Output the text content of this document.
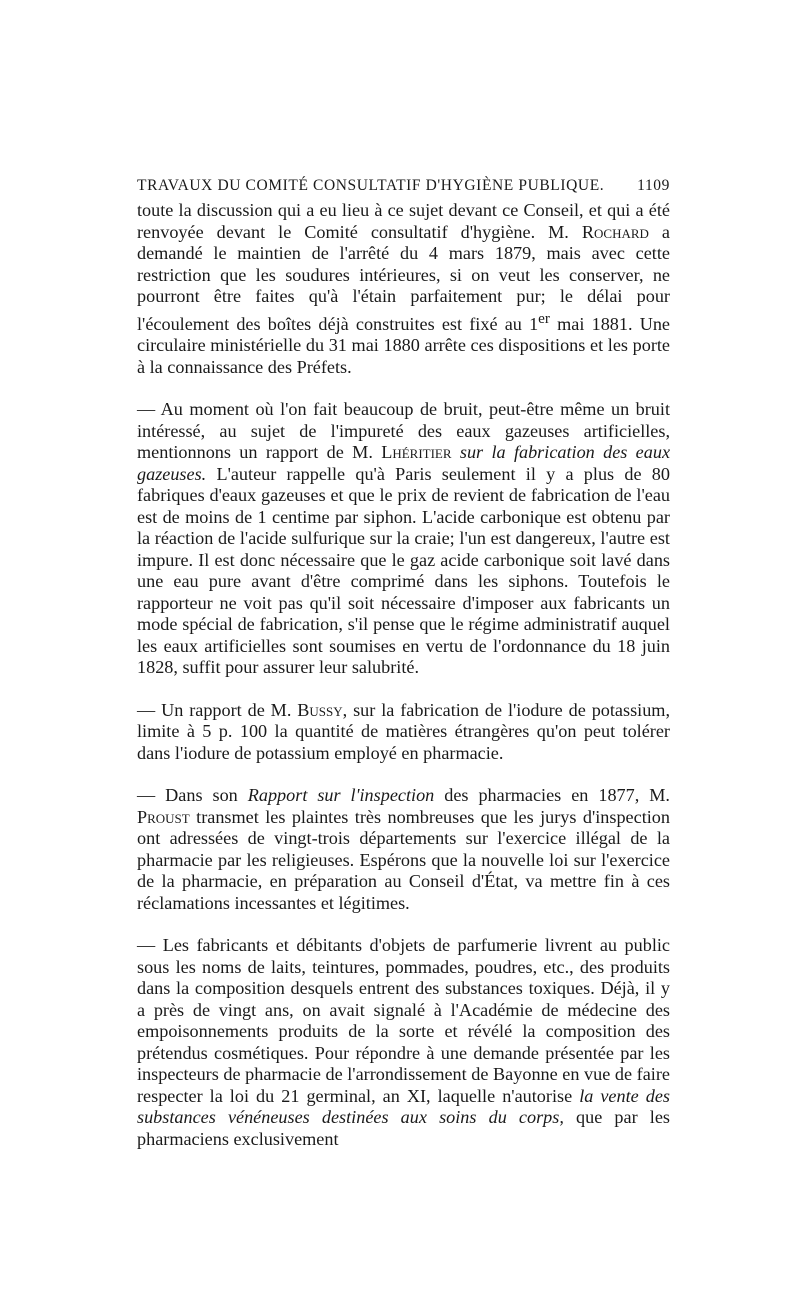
TRAVAUX DU COMITÉ CONSULTATIF D'HYGIÈNE PUBLIQUE. 1109

toute la discussion qui a eu lieu à ce sujet devant ce Conseil, et qui a été renvoyée devant le Comité consultatif d'hygiène. M. Rochard a demandé le maintien de l'arrêté du 4 mars 1879, mais avec cette restriction que les soudures intérieures, si on veut les conserver, ne pourront être faites qu'à l'étain parfaitement pur; le délai pour l'écoulement des boîtes déjà construites est fixé au 1er mai 1881. Une circulaire ministérielle du 31 mai 1880 arrête ces dispositions et les porte à la connaissance des Préfets.

— Au moment où l'on fait beaucoup de bruit, peut-être même un bruit intéressé, au sujet de l'impureté des eaux gazeuses artificielles, mentionnons un rapport de M. Lhéritier sur la fabrication des eaux gazeuses. L'auteur rappelle qu'à Paris seulement il y a plus de 80 fabriques d'eaux gazeuses et que le prix de revient de fabrication de l'eau est de moins de 1 centime par siphon. L'acide carbonique est obtenu par la réaction de l'acide sulfurique sur la craie; l'un est dangereux, l'autre est impure. Il est donc nécessaire que le gaz acide carbonique soit lavé dans une eau pure avant d'être comprimé dans les siphons. Toutefois le rapporteur ne voit pas qu'il soit nécessaire d'imposer aux fabricants un mode spécial de fabrication, s'il pense que le régime administratif auquel les eaux artificielles sont soumises en vertu de l'ordonnance du 18 juin 1828, suffit pour assurer leur salubrité.

— Un rapport de M. Bussy, sur la fabrication de l'iodure de potassium, limite à 5 p. 100 la quantité de matières étrangères qu'on peut tolérer dans l'iodure de potassium employé en pharmacie.

— Dans son Rapport sur l'inspection des pharmacies en 1877, M. Proust transmet les plaintes très nombreuses que les jurys d'inspection ont adressées de vingt-trois départements sur l'exercice illégal de la pharmacie par les religieuses. Espérons que la nouvelle loi sur l'exercice de la pharmacie, en préparation au Conseil d'État, va mettre fin à ces réclamations incessantes et légitimes.

— Les fabricants et débitants d'objets de parfumerie livrent au public sous les noms de laits, teintures, pommades, poudres, etc., des produits dans la composition desquels entrent des substances toxiques. Déjà, il y a près de vingt ans, on avait signalé à l'Académie de médecine des empoisonnements produits de la sorte et révélé la composition des prétendus cosmétiques. Pour répondre à une demande présentée par les inspecteurs de pharmacie de l'arrondissement de Bayonne en vue de faire respecter la loi du 21 germinal, an XI, laquelle n'autorise la vente des substances vénéneuses destinées aux soins du corps, que par les pharmaciens exclusivement
